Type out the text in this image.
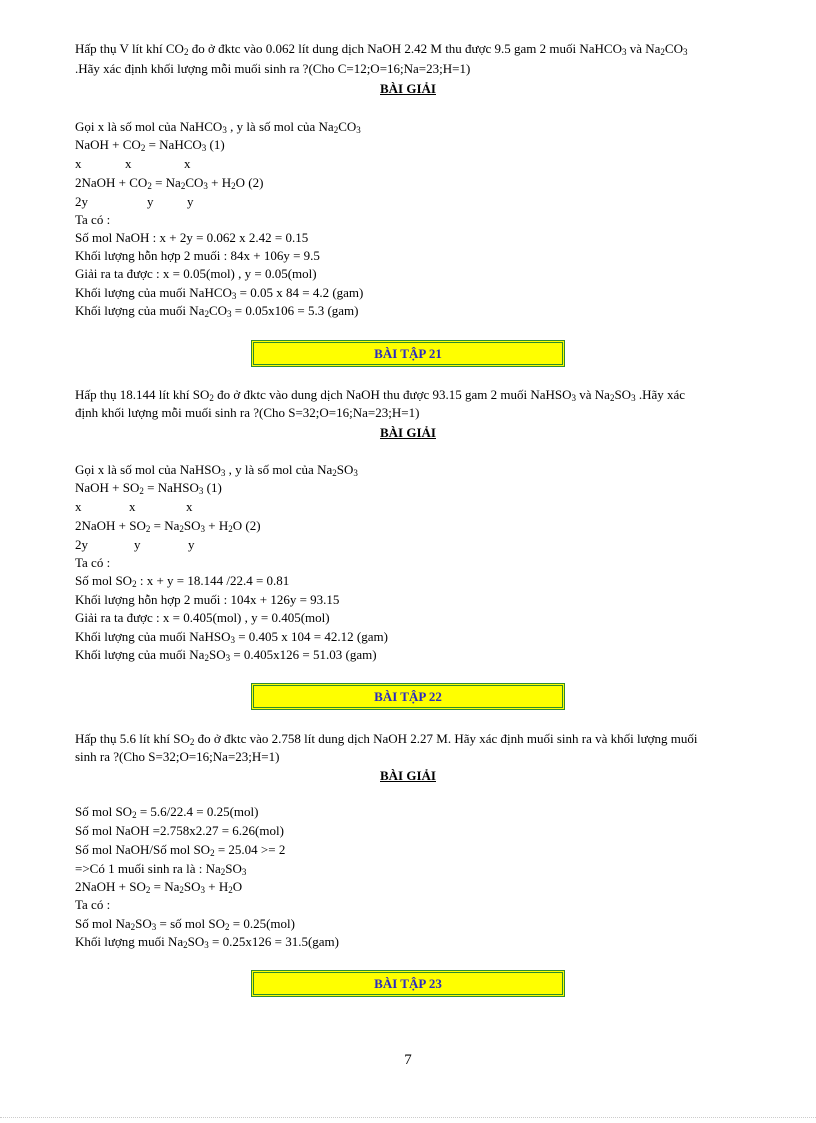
Hấp thụ V lít khí $CO_2$ đo ở đktc vào 0.062 lít dung dịch NaOH 2.42 M thu được 9.5 gam 2 muối NaHCO$_3$ và $Na_2CO_3$
.Hãy xác định khối lượng mỗi muối sinh ra ?(Cho C=12;O=16;Na=23;H=1)
BÀI GIẢI
Gọi x là số mol của NaHCO$_3$ , y là số mol của $Na_2CO_3$
NaOH + $CO_2$ = NaHCO$_3$ (1)
x	x	x
2NaOH + $CO_2 = Na_2CO_3 + H_2O$ (2)
2y	y	y
Ta có :
Số mol NaOH : x + 2y = 0.062 x 2.42 = 0.15
Khối lượng hỗn hợp 2 muối : 84x + 106y = 9.5
Giải ra ta được : x = 0.05(mol) , y = 0.05(mol)
Khối lượng của muối NaHCO$_3$ = 0.05 x 84 = 4.2 (gam)
Khối lượng của muối $Na_2CO_3 = 0.05x106 = 5.3$ (gam)
BÀI TẬP 21
Hấp thụ 18.144 lít khí $SO_2$ đo ở đktc vào dung dịch NaOH thu được 93.15 gam 2 muối NaHSO$_3$ và $Na_2SO_3$ .Hãy xác
định khối lượng mỗi muối sinh ra ?(Cho S=32;O=16;Na=23;H=1)
BÀI GIẢI
Gọi x là số mol của NaHSO$_3$ , y là số mol của $Na_2SO_3$
NaOH + $SO_2$ = NaHSO$_3$ (1)
x	x	x
2NaOH + $SO_2 = Na_2SO_3 + H_2O$ (2)
2y	y	y
Ta có :
Số mol $SO_2$ : x + y = 18.144 /22.4 = 0.81
Khối lượng hỗn hợp 2 muối : 104x + 126y = 93.15
Giải ra ta được : x = 0.405(mol) , y = 0.405(mol)
Khối lượng của muối NaHSO$_3$ = 0.405 x 104 = 42.12 (gam)
Khối lượng của muối $Na_2SO_3 = 0.405x126 = 51.03$ (gam)
BÀI TẬP 22
Hấp thụ 5.6 lít khí $SO_2$ đo ở đktc vào 2.758 lít dung dịch NaOH 2.27 M. Hãy xác định muối sinh ra và khối lượng muối
sinh ra ?(Cho S=32;O=16;Na=23;H=1)
BÀI GIẢI
Số mol $SO_2 = 5.6/22.4 = 0.25(mol)$
Số mol NaOH =2.758x2.27 = 6.26(mol)
Số mol NaOH/Số mol $SO_2 = 25.04 >= 2$
=>Có 1 muối sinh ra là : $Na_2SO_3$
2NaOH + $SO_2 = Na_2SO_3 + H_2O$
Ta có :
Số mol $Na_2SO_3$ = số mol $SO_2 = 0.25(mol)$
Khối lượng muối $Na_2SO_3 = 0.25x126 = 31.5(gam)$
BÀI TẬP 23
7
